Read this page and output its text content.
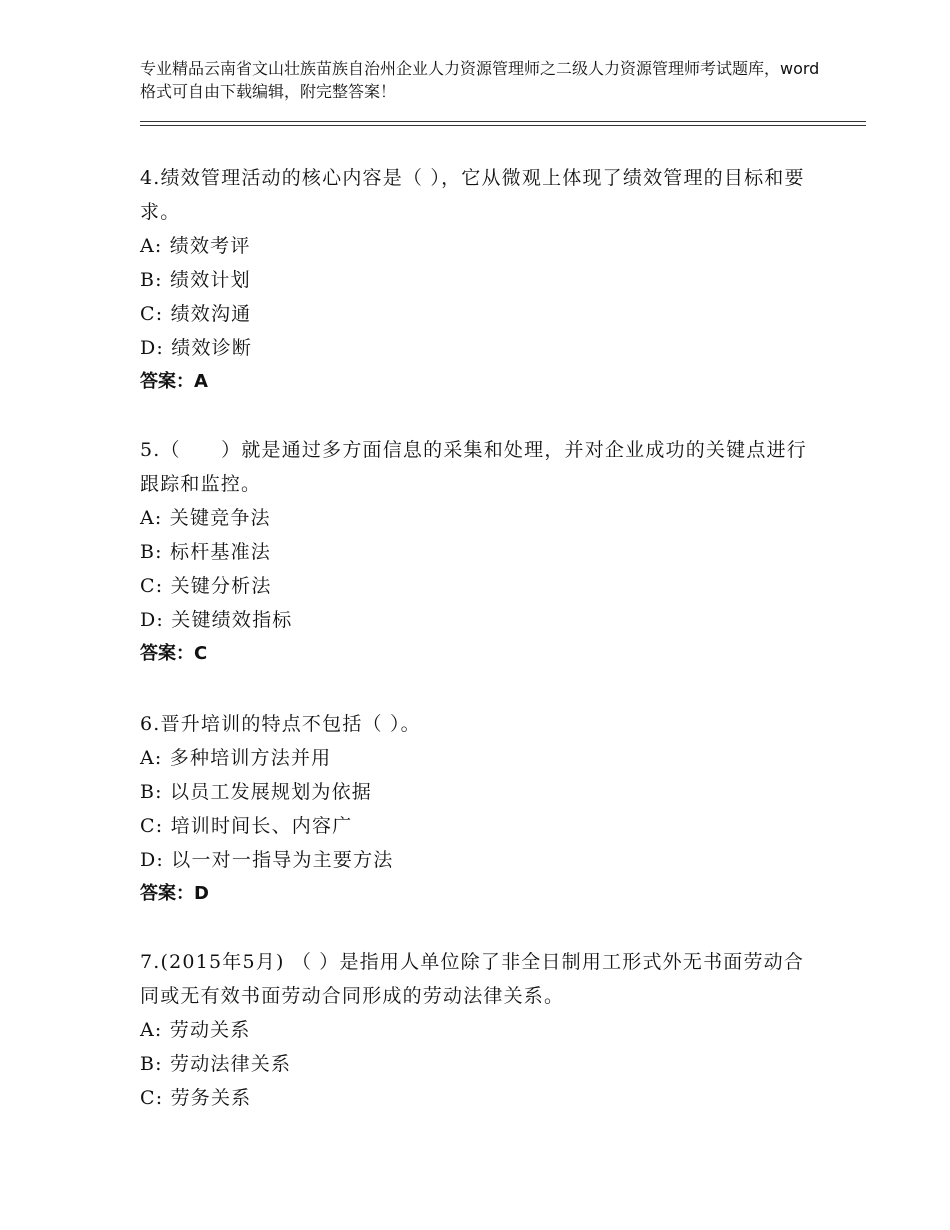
专业精品云南省文山壮族苗族自治州企业人力资源管理师之二级人力资源管理师考试题库，word格式可自由下载编辑，附完整答案！
4.绩效管理活动的核心内容是（ ），它从微观上体现了绩效管理的目标和要求。
A: 绩效考评
B: 绩效计划
C: 绩效沟通
D: 绩效诊断
答案：A
5.（　　）就是通过多方面信息的采集和处理，并对企业成功的关键点进行跟踪和监控。
A: 关键竞争法
B: 标杆基准法
C: 关键分析法
D: 关键绩效指标
答案：C
6.晋升培训的特点不包括（ ）。
A: 多种培训方法并用
B: 以员工发展规划为依据
C: 培训时间长、内容广
D: 以一对一指导为主要方法
答案：D
7.(2015年5月) （ ）是指用人单位除了非全日制用工形式外无书面劳动合同或无有效书面劳动合同形成的劳动法律关系。
A: 劳动关系
B: 劳动法律关系
C: 劳务关系
